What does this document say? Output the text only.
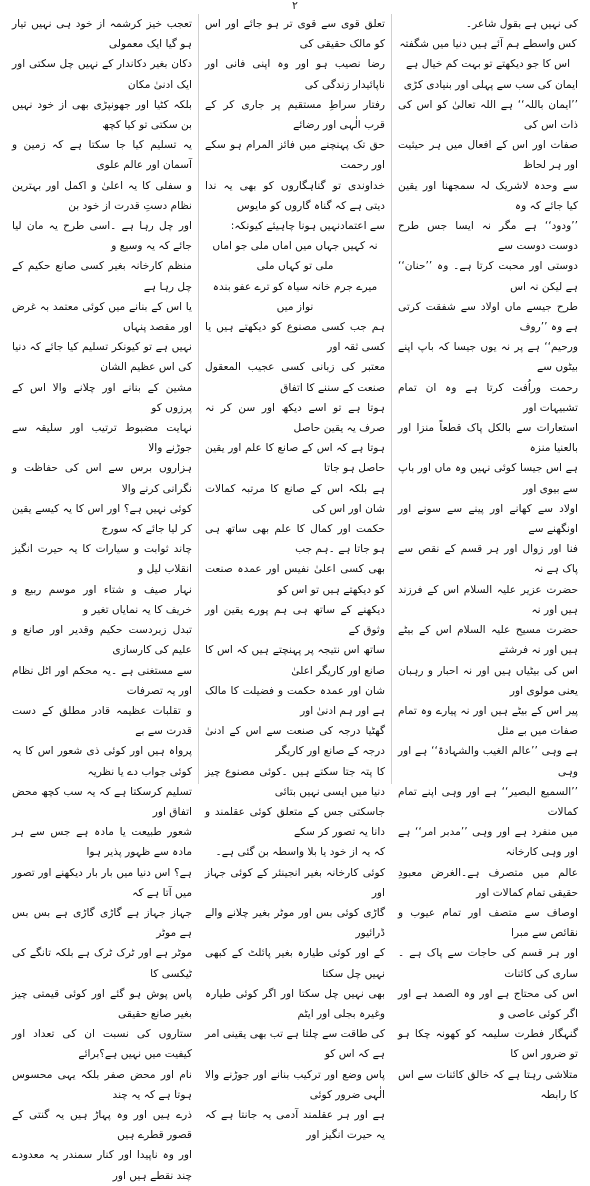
۲

کی نہیں ہے بقول شاعر۔

کس واسطے ہم آئے ہیں دنیا میں شگفتہ

اس کا جو دیکھتے تو بہت کم خیال ہے

ایمان کی سب سے پہلی اور بنیادی کڑی

’’ایمان باللہ‘‘ ہے اللہ تعالیٰ کو اس کی ذات اس کی

صفات اور اس کے افعال میں ہر حیثیت اور ہر لحاظ

سے وحدہ لاشریک لہ سمجھنا اور یقین کیا جائے کہ وہ

’’ودود‘‘ ہے مگر نہ ایسا جس طرح دوست دوست سے

دوستی اور محبت کرتا ہے۔ وہ ’’حنان‘‘ ہے لیکن نہ اس

طرح جیسے ماں اولاد سے شفقت کرتی ہے وہ ’’روف

ورحیم‘‘ ہے پر نہ یوں جیسا کہ باپ اپنے بیٹوں سے

رحمت وراُفت کرتا ہے وہ ان تمام تشبیہات اور

استعارات سے بالکل پاک قطعاً منزا اور بالعنیا منزہ

ہے اس جیسا کوئی نہیں وہ ماں اور باپ سے بیوی اور

اولاد سے کھانے اور پینے سے سونے اور اونگھنے سے

فنا اور زوال اور ہر قسم کے نقص سے پاک ہے نہ

حضرت عزیر علیہ السلام اس کے فرزند ہیں اور نہ

حضرت مسیح علیہ السلام اس کے بیٹے ہیں اور نہ فرشتے

اس کی بیٹیاں ہیں اور نہ احبار و رہبان یعنی مولوی اور

پیر اس کے بیٹے ہیں اور نہ پیارے وہ تمام صفات میں بے مثل

ہے وہی ’’عالم الغیب والشہادۃ‘‘ ہے اور وہی

’’السمیع البصیر‘‘ ہے اور وہی اپنے تمام کمالات

میں منفرد ہے اور وہی ’’مدبر امر‘‘ ہے اور وہی کارخانہ

عالم میں متصرف ہے۔الغرض معبودِ حقیقی تمام کمالات اور

اوصاف سے متصف اور تمام عیوب و نقائص سے مبرا

اور ہر قسم کی حاجات سے پاک ہے ۔ ساری کی کائنات

اس کی محتاج ہے اور وہ الصمد ہے اور اگر کوئی عاصی و

گنہگار فطرت سلیمہ کو کھونہ چکا ہو تو ضرور اس کا

متلاشی رہتا ہے کہ خالق کائنات سے اس کا رابطہ

تعلق قوی سے قوی تر ہو جائے اور اس کو مالک حقیقی کی

رضا نصیب ہو اور وہ اپنی فانی اور ناپائیدار زندگی کی

رفتار سراطِ مستقیم پر جاری کر کے قرب الٰہی اور رضائے

حق تک پہنچنے میں فائز المرام ہو سکے اور رحمت

خداوندی تو گناہگاروں کو بھی یہ ندا دیتی ہے کہ گناہ گاروں کو مایوس

سے اعتمادنہیں ہونا چاہیئے کیونکہ:

نہ کہیں جہاں میں اماں ملی جو اماں ملی تو کہاں ملی

میرے جرم خانہ سیاہ کو ترے عفو بندہ نواز میں

ہم جب کسی مصنوع کو دیکھتے ہیں یا کسی ثقہ اور

معتبر کی زبانی کسی عجیب المعقول صنعت کے سننے کا اتفاق

ہوتا ہے تو اسے دیکھ اور سن کر نہ صرف یہ یقین حاصل

ہوتا ہے کہ اس کے صانع کا علم اور یقین حاصل ہو جاتا

ہے بلکہ اس کے صانع کا مرتبہ کمالات شان اور اس کی

حکمت اور کمال کا علم بھی ساتھ ہی ہو جاتا ہے ۔ہم جب

بھی کسی اعلیٰ نفیس اور عمدہ صنعت کو دیکھتے ہیں تو اس کو

دیکھنے کے ساتھ ہی ہم پورے یقین اور وثوق کے

ساتھ اس نتیجہ پر پہنچتے ہیں کہ اس کا صانع اور کاریگر اعلیٰ

شان اور عمدہ حکمت و فضیلت کا مالک ہے اور ہم ادنیٰ اور

گھٹیا درجہ کی صنعت سے اس کے ادنیٰ درجہ کے صانع اور کاریگر

کا پتہ جتا سکتے ہیں ۔کوئی مصنوع چیز دنیا میں ایسی نہیں بتائی

جاسکتی جس کے متعلق کوئی عقلمند و دانا یہ تصور کر سکے

کہ یہ از خود یا بلا واسطہ بن گئی ہے۔

کوئی کارخانہ بغیر انجینئر کے کوئی جہاز اور

گاڑی کوئی بس اور موٹر بغیر چلانے والے ڈرائیور

کے اور کوئی طیارہ بغیر پائلٹ کے کبھی نہیں چل سکتا

بھی نہیں چل سکتا اور اگر کوئی طیارہ وغیرہ بجلی اور ایٹم

کی طاقت سے چلتا ہے تب بھی یقینی امر ہے کہ اس کو

پاس وضع اور ترکیب بنانے اور جوڑنے والا الٰہی ضرور کوئی

ہے اور ہر عقلمند آدمی یہ جانتا ہے کہ یہ حیرت انگیز اور

تعجب خیز کرشمہ از خود ہی نہیں تیار ہو گیا ایک معمولی

دکان بغیر دکاندار کے نہیں چل سکتی اور ایک ادنیٰ مکان

بلکہ کٹیا اور جھونپڑی بھی از خود نہیں بن سکتی تو کیا کچھ

یہ تسلیم کیا جا سکتا ہے کہ زمین و آسمان اور عالم علوی

و سفلی کا یہ اعلیٰ و اکمل اور بہترین نظام دستِ قدرت از خود بن

اور چل رہا ہے ۔اسی طرح یہ مان لیا جائے کہ یہ وسیع و

منظم کارخانہ بغیر کسی صانع حکیم کے چل رہا ہے

یا اس کے بنانے میں کوئی معتمد بہ غرض اور مقصد پنہاں

نہیں ہے تو کیونکر تسلیم کیا جائے کہ دنیا کی اس عظیم الشان

مشین کے بنانے اور چلانے والا اس کے پرزوں کو

نہایت مضبوط ترتیب اور سلیقہ سے جوڑنے والا

ہزاروں برس سے اس کی حفاظت و نگرانی کرنے والا

کوئی نہیں ہے؟ اور اس کا یہ کیسے یقین کر لیا جائے کہ سورج

چاند ثوابت و سیارات کا یہ حیرت انگیز انقلاب لیل و

نہار صیف و شتاء اور موسم ربیع و خریف کا یہ نمایاں تغیر و

تبدل زبردست حکیم وقدیر اور صانع و علیم کی کارسازی

سے مستغنی ہے ۔یہ محکم اور اٹل نظام اور یہ تصرفات

و تقلبات عظیمہ قادر مطلق کے دست قدرت سے بے

پرواہ ہیں اور کوئی ذی شعور اس کا یہ کوئی جواب دے یا نظریہ

تسلیم کرسکتا ہے کہ یہ سب کچھ محض اتفاق اور

شعور طبیعت یا مادہ ہے جس سے ہر مادہ سے ظہور پذیر ہوا

ہے؟ اس دنیا میں بار بار دیکھنے اور تصور میں آتا ہے کہ

جہاز جہاز ہے گاڑی گاڑی ہے بس بس ہے موٹر

موٹر ہے اور ٹرک ٹرک ہے بلکہ تانگے کی ٹیکسی کا

پاس پوش ہو گئے اور کوئی قیمتی چیز بغیر صانع حقیقی

ستاروں کی نسبت ان کی تعداد اور کیفیت میں نہیں ہے؟برائے

نام اور محض صفر بلکہ یہی محسوس ہوتا ہے کہ یہ چند

ذرے ہیں اور وہ پہاڑ ہیں یہ گنتی کے قصور قطرے ہیں

اور وہ ناپیدا اور کنار سمندر یہ معدودے چند نقطے ہیں اور
